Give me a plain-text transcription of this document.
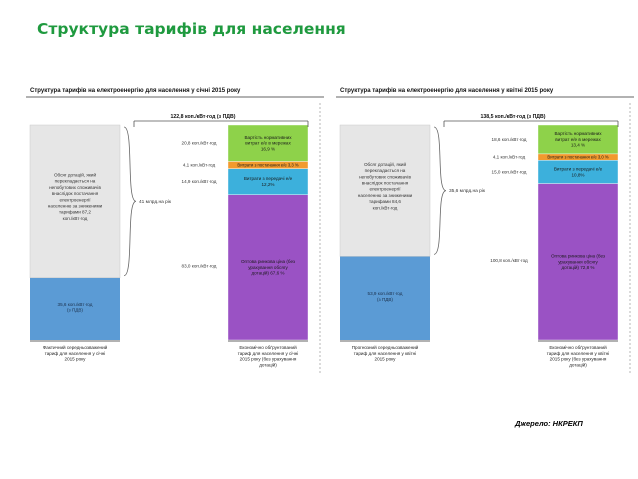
Структура тарифів для населення
Структура тарифів на електроенергію для населення у січні 2015 року
35,6 коп./кВт∙год
(з ПДВ)
Обсяг дотацій, який
перекладається на
непобутових споживачів
внаслідок постачання
електроенергії
населенню за зниженими
тарифами 87,2
коп./кВт∙год
Фактичний середньозважений
тариф для населення у січні
2015 року
Оптова ринкова ціна (без
урахування обсягу
дотацій) 67,6 %
83,0 коп./кВт∙год
Витрати з передачі е/е
12,2%
14,9 коп./кВт∙год
Витрати з постачання е/е 3,3 %
4,1 коп./кВт∙год
Вартість нормативних
витрат е/е в мережах
16,9 %
20,8 коп./кВт∙год
Економічно обґрунтований
тариф для населення у січні
2015 року (без урахування
дотацій)
122,8 коп./кВт∙год (з ПДВ)
41 млрд.на рік
Структура тарифів на електроенергію для населення у квітні 2015 року
53,9 коп./кВт∙год
(з ПДВ)
Обсяг дотацій, який
перекладається на
непобутових споживачів
внаслідок постачання
електроенергії
населенню за зниженими
тарифами 84,6
коп./кВт∙год
Прогнозний середньозважений
тариф для населення у квітні
2015 року
Оптова ринкова ціна (без
урахування обсягу
дотацій) 72,8 %
100,8 коп./кВт∙год
Витрати з передачі е/е
10,8%
15,0 коп./кВт∙год
Витрати з постачання е/е 3,0 %
4,1 коп./кВт∙год
Вартість нормативних
витрат е/е в мережах
13,4 %
18,6 коп./кВт∙год
Економічно обґрунтований
тариф для населення у квітні
2015 року (без урахування
дотацій)
138,5 коп./кВт∙год (з ПДВ)
35,6 млрд.на рік
Джерело: НКРЕКП
